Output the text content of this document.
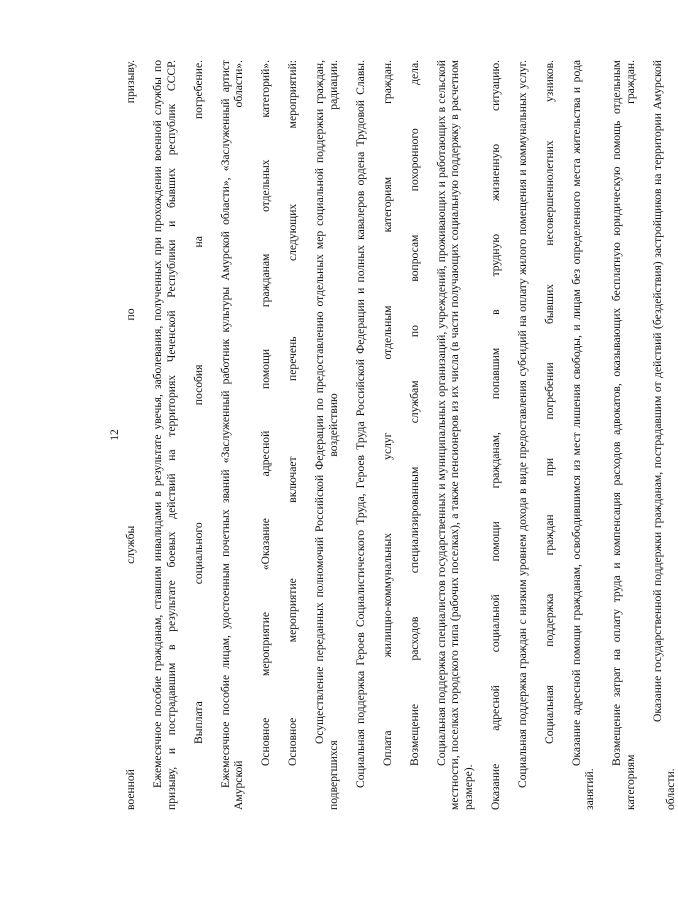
12 военной службы по призыву.	Ежемесячное пособие гражданам, ставшим инвалидами в результате увечья, заболевания, полученных при прохождении военной службы по призыву, и пострадавшим в результате боевых действий на территориях Чеченской Республики и бывших республик СССР.	Выплата социального пособия на погребение.	Ежемесячное пособие лицам, удостоенным почетных званий «Заслуженный работник культуры Амурской области», «Заслуженный артист Амурской области».	Основное мероприятие «Оказание адресной помощи гражданам отдельных категорий».	Основное мероприятие включает перечень следующих мероприятий:	Осуществление переданных полномочий Российской Федерации по предоставлению отдельных мер социальной поддержки граждан, подвергшихся воздействию радиации.	Социальная поддержка Героев Социалистического Труда, Героев Труда Российской Федерации и полных кавалеров ордена Трудовой Славы.	Оплата жилищно-коммунальных услуг отдельным категориям граждан.	Возмещение расходов специализированным службам по вопросам похоронного дела.	Социальная поддержка специалистов государственных и муниципальных организаций, учреждений, проживающих и работающих в сельской местности, поселках городского типа (рабочих поселках), а также пенсионеров из их числа (в части получающих социальную поддержку в расчетном размере).	Оказание адресной социальной помощи гражданам, попавшим в трудную жизненную ситуацию.	Социальная поддержка граждан с низким уровнем дохода в виде предоставления субсидий на оплату жилого помещения и коммунальных услуг.	Социальная поддержка граждан при погребении бывших несовершеннолетних узников.	Оказание адресной помощи гражданам, освободившимся из мест лишения свободы, и лицам без определенного места жительства и рода занятий.

Возмещение затрат на оплату труда и компенсация расходов адвокатов, оказывающих бесплатную юридическую помощь отдельным категориям граждан.	Оказание государственной поддержки гражданам, пострадавшим от действий (бездействия) застройщиков на территории Амурской области.
